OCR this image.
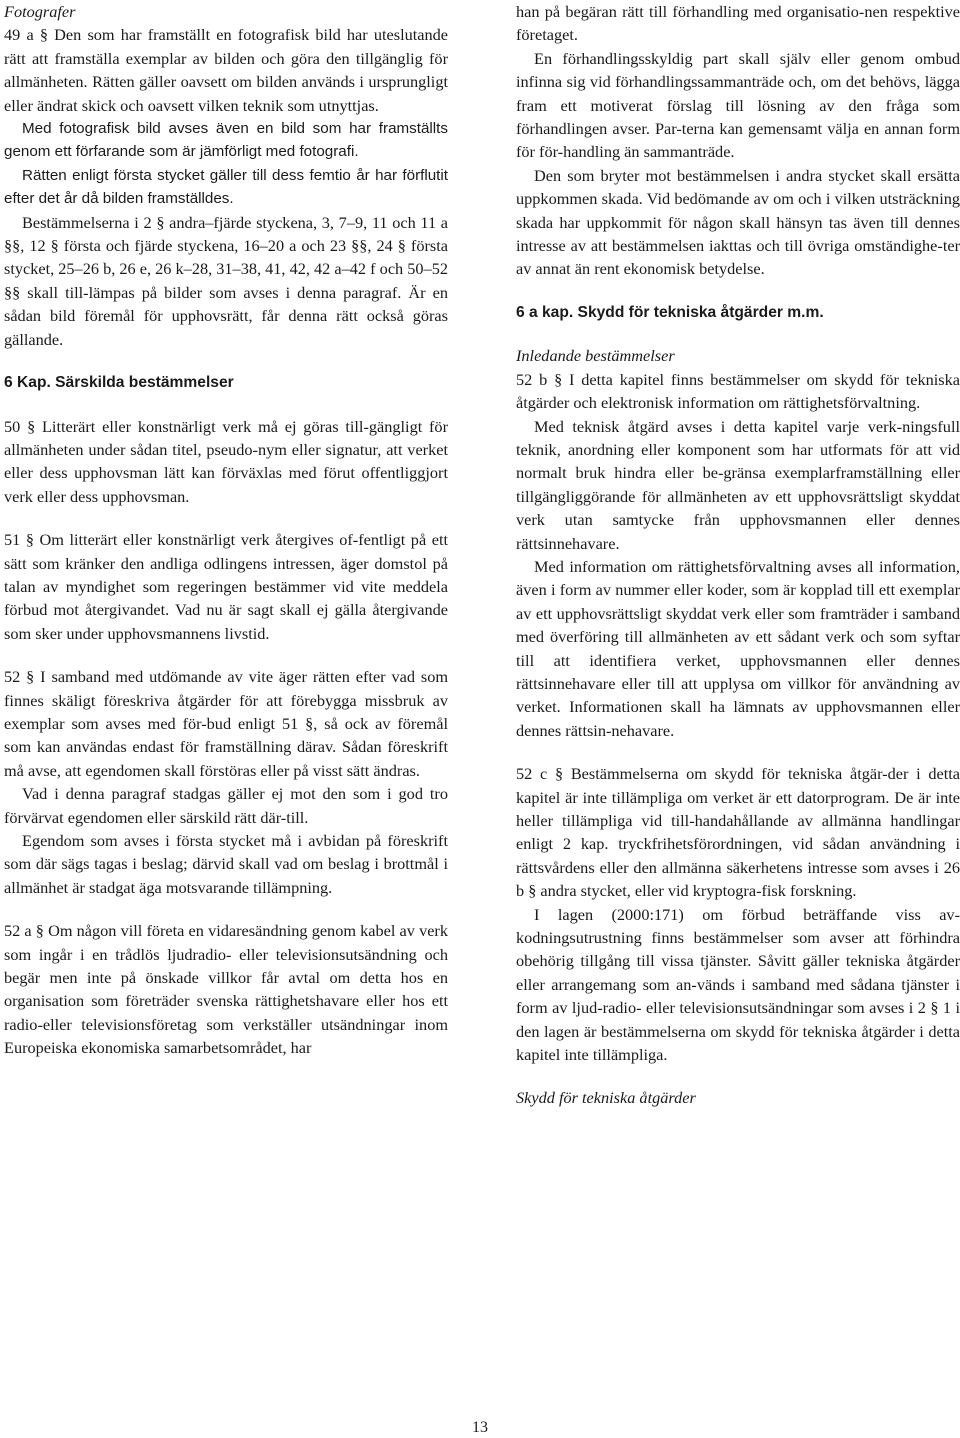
Fotografer

49 a § Den som har framställt en fotografisk bild har uteslutande rätt att framställa exemplar av bilden och göra den tillgänglig för allmänheten. Rätten gäller oavsett om bilden används i ursprungligt eller ändrat skick och oavsett vilken teknik som utnyttjas.

Med fotografisk bild avses även en bild som har framställts genom ett förfarande som är jämförligt med fotografi.

Rätten enligt första stycket gäller till dess femtio år har förflutit efter det år då bilden framställdes.

Bestämmelserna i 2 § andra–fjärde styckena, 3, 7–9, 11 och 11 a §§, 12 § första och fjärde styckena, 16–20 a och 23 §§, 24 § första stycket, 25–26 b, 26 e, 26 k–28, 31–38, 41, 42, 42 a–42 f och 50–52 §§ skall till-lämpas på bilder som avses i denna paragraf. Är en sådan bild föremål för upphovsrätt, får denna rätt också göras gällande.

6 Kap. Särskilda bestämmelser

50 § Litterärt eller konstnärligt verk må ej göras till-gängligt för allmänheten under sådan titel, pseudo-nym eller signatur, att verket eller dess upphovsman lätt kan förväxlas med förut offentliggjort verk eller dess upphovsman.

51 § Om litterärt eller konstnärligt verk återgives of-fentligt på ett sätt som kränker den andliga odlingens intressen, äger domstol på talan av myndighet som regeringen bestämmer vid vite meddela förbud mot återgivandet. Vad nu är sagt skall ej gälla återgivande som sker under upphovsmannens livstid.

52 § I samband med utdömande av vite äger rätten efter vad som finnes skäligt föreskriva åtgärder för att förebygga missbruk av exemplar som avses med för-bud enligt 51 §, så ock av föremål som kan användas endast för framställning därav. Sådan föreskrift må avse, att egendomen skall förstöras eller på visst sätt ändras.

Vad i denna paragraf stadgas gäller ej mot den som i god tro förvärvat egendomen eller särskild rätt där-till.

Egendom som avses i första stycket må i avbidan på föreskrift som där sägs tagas i beslag; därvid skall vad om beslag i brottmål i allmänhet är stadgat äga motsvarande tillämpning.

52 a § Om någon vill företa en vidaresändning genom kabel av verk som ingår i en trådlös ljudradio- eller televisionsutsändning och begär men inte på önskade villkor får avtal om detta hos en organisation som företräder svenska rättighetshavare eller hos ett radio-eller televisionsföretag som verkställer utsändningar inom Europeiska ekonomiska samarbetsområdet, har

han på begäran rätt till förhandling med organisatio-nen respektive företaget.

En förhandlingsskyldig part skall själv eller genom ombud infinna sig vid förhandlingssammanträde och, om det behövs, lägga fram ett motiverat förslag till lösning av den fråga som förhandlingen avser. Par-terna kan gemensamt välja en annan form för för-handling än sammanträde.

Den som bryter mot bestämmelsen i andra stycket skall ersätta uppkommen skada. Vid bedömande av om och i vilken utsträckning skada har uppkommit för någon skall hänsyn tas även till dennes intresse av att bestämmelsen iakttas och till övriga omständighe-ter av annat än rent ekonomisk betydelse.

6 a kap. Skydd för tekniska åtgärder m.m.

Inledande bestämmelser

52 b § I detta kapitel finns bestämmelser om skydd för tekniska åtgärder och elektronisk information om rättighetsförvaltning.

Med teknisk åtgärd avses i detta kapitel varje verk-ningsfull teknik, anordning eller komponent som har utformats för att vid normalt bruk hindra eller be-gränsa exemplarframställning eller tillgängliggörande för allmänheten av ett upphovsrättsligt skyddat verk utan samtycke från upphovsmannen eller dennes rättsinnehavare.

Med information om rättighetsförvaltning avses all information, även i form av nummer eller koder, som är kopplad till ett exemplar av ett upphovsrättsligt skyddat verk eller som framträder i samband med överföring till allmänheten av ett sådant verk och som syftar till att identifiera verket, upphovsmannen eller dennes rättsinnehavare eller till att upplysa om villkor för användning av verket. Informationen skall ha lämnats av upphovsmannen eller dennes rättsin-nehavare.

52 c § Bestämmelserna om skydd för tekniska åtgär-der i detta kapitel är inte tillämpliga om verket är ett datorprogram. De är inte heller tillämpliga vid till-handahållande av allmänna handlingar enligt 2 kap. tryckfrihetsförordningen, vid sådan användning i rättsvårdens eller den allmänna säkerhetens intresse som avses i 26 b § andra stycket, eller vid kryptogra-fisk forskning.

I lagen (2000:171) om förbud beträffande viss av-kodningsutrustning finns bestämmelser som avser att förhindra obehörig tillgång till vissa tjänster. Såvitt gäller tekniska åtgärder eller arrangemang som an-vänds i samband med sådana tjänster i form av ljud-radio- eller televisionsutsändningar som avses i 2 § 1 i den lagen är bestämmelserna om skydd för tekniska åtgärder i detta kapitel inte tillämpliga.

Skydd för tekniska åtgärder

13
